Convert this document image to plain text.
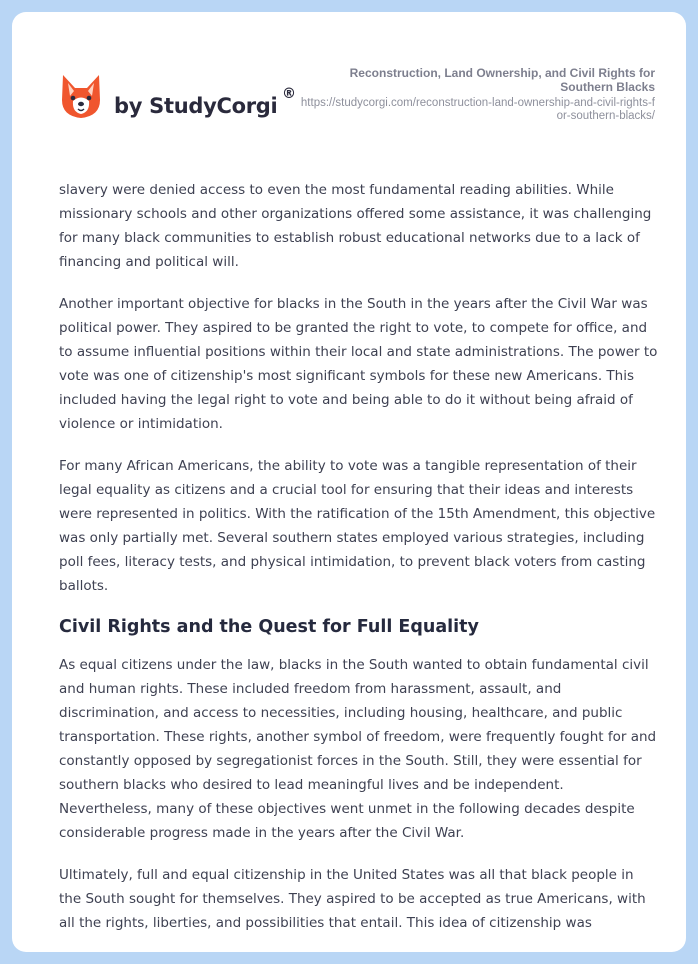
by StudyCorgi ®
Reconstruction, Land Ownership, and Civil Rights for Southern Blacks
https://studycorgi.com/reconstruction-land-ownership-and-civil-rights-for-southern-blacks/

slavery were denied access to even the most fundamental reading abilities. While missionary schools and other organizations offered some assistance, it was challenging for many black communities to establish robust educational networks due to a lack of financing and political will.

Another important objective for blacks in the South in the years after the Civil War was political power. They aspired to be granted the right to vote, to compete for office, and to assume influential positions within their local and state administrations. The power to vote was one of citizenship's most significant symbols for these new Americans. This included having the legal right to vote and being able to do it without being afraid of violence or intimidation.

For many African Americans, the ability to vote was a tangible representation of their legal equality as citizens and a crucial tool for ensuring that their ideas and interests were represented in politics. With the ratification of the 15th Amendment, this objective was only partially met. Several southern states employed various strategies, including poll fees, literacy tests, and physical intimidation, to prevent black voters from casting ballots.

Civil Rights and the Quest for Full Equality

As equal citizens under the law, blacks in the South wanted to obtain fundamental civil and human rights. These included freedom from harassment, assault, and discrimination, and access to necessities, including housing, healthcare, and public transportation. These rights, another symbol of freedom, were frequently fought for and constantly opposed by segregationist forces in the South. Still, they were essential for southern blacks who desired to lead meaningful lives and be independent. Nevertheless, many of these objectives went unmet in the following decades despite considerable progress made in the years after the Civil War.

Ultimately, full and equal citizenship in the United States was all that black people in the South sought for themselves. They aspired to be accepted as true Americans, with all the rights, liberties, and possibilities that entail. This idea of citizenship was
